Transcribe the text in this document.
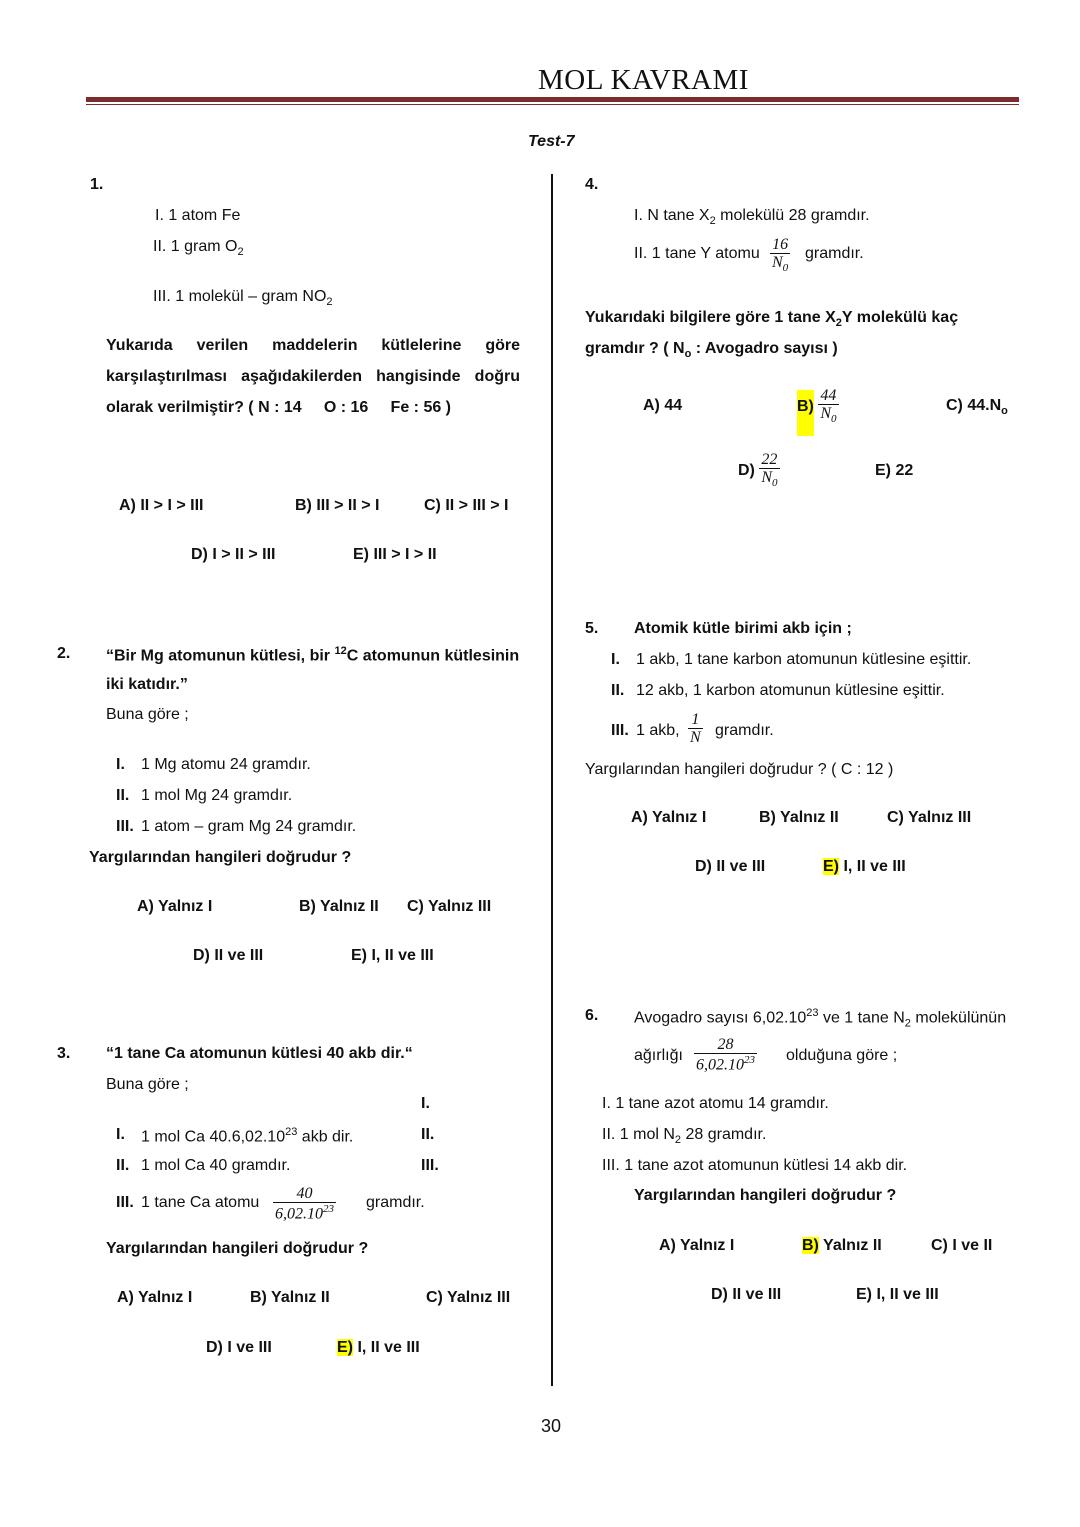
MOL KAVRAMI
Test-7
1.
I. 1 atom Fe
II. 1 gram $O_2$
III. 1 molekül – gram $NO_2$
Yukarıda verilen maddelerin kütlelerine göre
karşılaştırılması aşağıdakilerden hangisinde doğru
olarak verilmiştir? ( N : 14     O : 16     Fe : 56 )
A) II > I > III	B) III > II > I	C) II > III > I
D) I > II > III	E) III > I > II
2. “Bir Mg atomunun kütlesi, bir $^{12}$C atomunun kütlesinin
iki katıdır.”
Buna göre ;
I. 1 Mg atomu 24 gramdır.
II. 1 mol Mg 24 gramdır.
III. 1 atom – gram Mg 24 gramdır.
Yargılarından hangileri doğrudur ?
A) Yalnız I	B) Yalnız II C) Yalnız III
D) II ve III	E) I, II ve III
3. “1 tane Ca atomunun kütlesi 40 akb dir.“
Buna göre ;
I.
II.
III.
I. 1 mol Ca 40.6,02.10$^{23}$ akb dir.
II. 1 mol Ca 40 gramdır.
III. 1 tane Ca atomu $\frac{40}{6,02.10^{23}}$ gramdır.
Yargılarından hangileri doğrudur ?
A) Yalnız I	B) Yalnız II	C) Yalnız III
D) I ve III	E) I, II ve III
4.
I. N tane $X_2$ molekülü 28 gramdır.
II. 1 tane Y atomu $\frac{16}{N_0}$ gramdır.
Yukarıdaki bilgilere göre 1 tane $X_2Y$ molekülü kaç
gramdır ? ( $N_o$ : Avogadro sayısı )
A) 44	$B) \frac{44}{N_0}$	C) $44.N_o$
$D) \frac{22}{N_0}$	E) 22
5. Atomik kütle birimi akb için ;
I. 1 akb, 1 tane karbon atomunun kütlesine eşittir.
II. 12 akb, 1 karbon atomunun kütlesine eşittir.
III. 1 akb, $\frac{1}{N}$ gramdır.
Yargılarından hangileri doğrudur ? ( C : 12 )
A) Yalnız I	B) Yalnız II	C) Yalnız III
D) II ve III	E) I, II ve III
6. Avogadro sayısı 6,02.10$^{23}$ ve 1 tane $N_2$ molekülünün
ağırlığı $\frac{28}{6,02.10^{23}}$ olduğuna göre ;
I. 1 tane azot atomu 14 gramdır.
II. 1 mol $N_2$ 28 gramdır.
III. 1 tane azot atomunun kütlesi 14 akb dir.
Yargılarından hangileri doğrudur ?
A) Yalnız I	B) Yalnız II	C) I ve II
D) II ve III	E) I, II ve III
30
